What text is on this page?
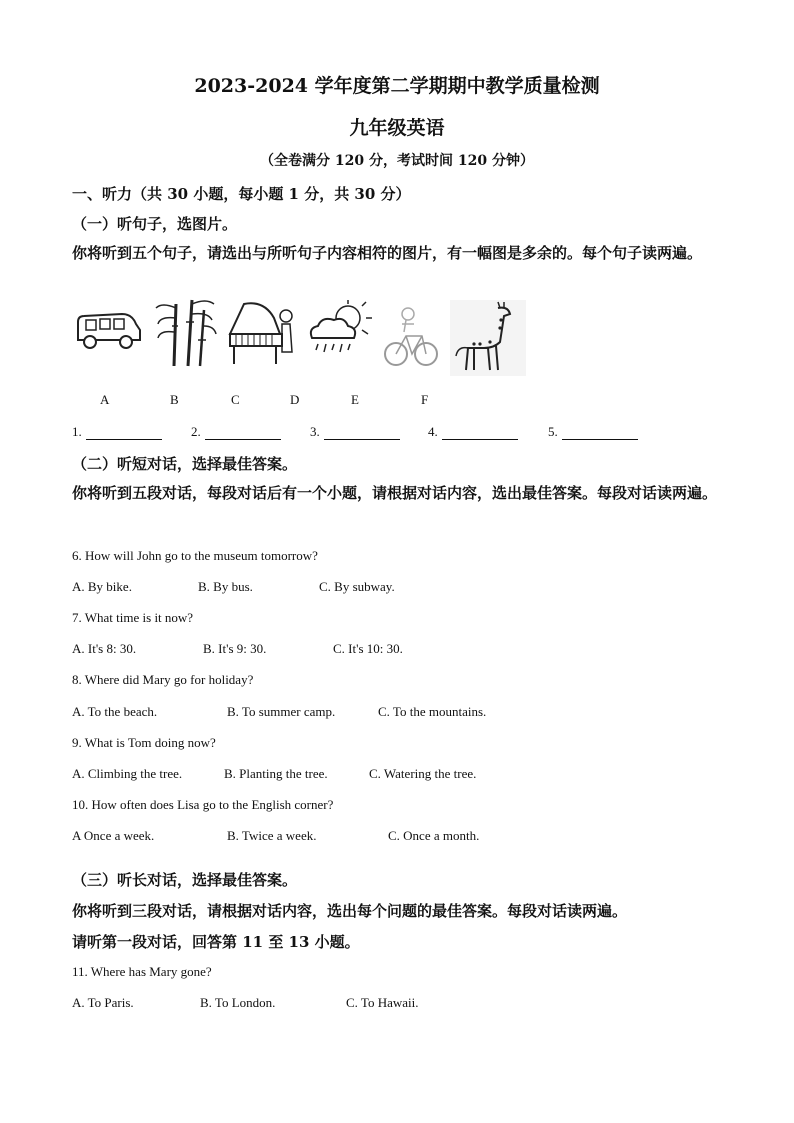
2023-2024 学年度第二学期期中教学质量检测
九年级英语
（全卷满分 120 分，考试时间 120 分钟）
一、听力（共 30 小题，每小题 1 分，共 30 分）
（一）听句子，选图片。
你将听到五个句子，请选出与所听句子内容相符的图片，有一幅图是多余的。每个句子读两遍。
A	B	C	D	E	F
1.	2.	3.	4.	5.
（二）听短对话，选择最佳答案。
你将听到五段对话，每段对话后有一个小题，请根据对话内容，选出最佳答案。每段对话读两遍。
6. How will John go to the museum tomorrow?
A. By bike.	B. By bus.	C. By subway.
7. What time is it now?
A. It's 8: 30.	B. It's 9: 30.	C. It's 10: 30.
8. Where did Mary go for holiday?
A. To the beach.	B. To summer camp.	C. To the mountains.
9. What is Tom doing now?
A. Climbing the tree.	B. Planting the tree.	C. Watering the tree.
10. How often does Lisa go to the English corner?
A Once a week.	B. Twice a week.	C. Once a month.
（三）听长对话，选择最佳答案。
你将听到三段对话，请根据对话内容，选出每个问题的最佳答案。每段对话读两遍。
请听第一段对话，回答第 11 至 13 小题。
11. Where has Mary gone?
A. To Paris.	B. To London.	C. To Hawaii.
